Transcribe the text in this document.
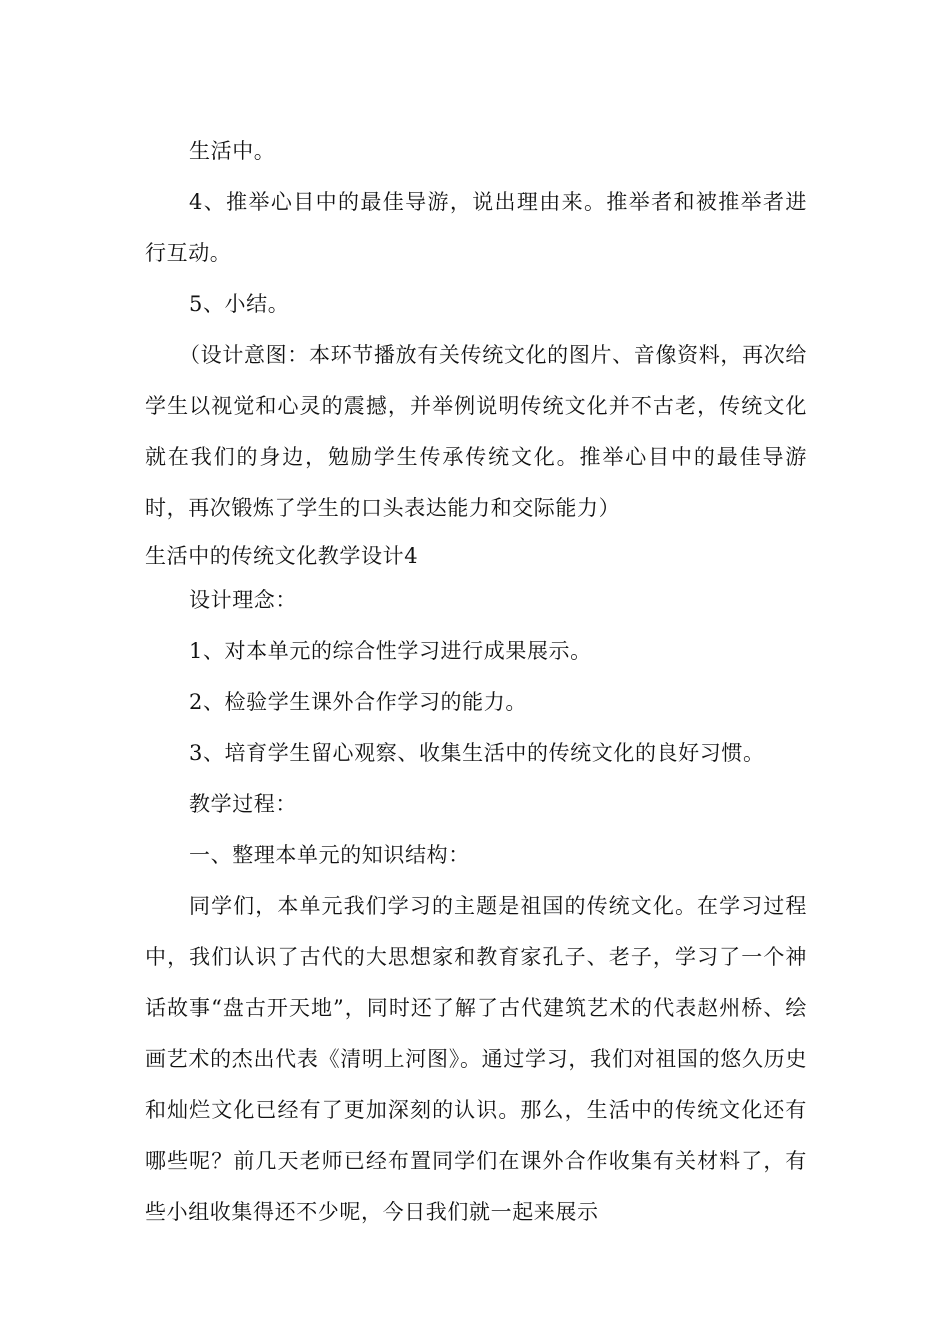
生活中。

4、推举心目中的最佳导游，说出理由来。推举者和被推举者进行互动。

5、小结。

（设计意图：本环节播放有关传统文化的图片、音像资料，再次给学生以视觉和心灵的震撼，并举例说明传统文化并不古老，传统文化就在我们的身边，勉励学生传承传统文化。推举心目中的最佳导游时，再次锻炼了学生的口头表达能力和交际能力）

生活中的传统文化教学设计4

设计理念：

1、对本单元的综合性学习进行成果展示。

2、检验学生课外合作学习的能力。

3、培育学生留心观察、收集生活中的传统文化的良好习惯。

教学过程：

一、整理本单元的知识结构：

同学们，本单元我们学习的主题是祖国的传统文化。在学习过程中，我们认识了古代的大思想家和教育家孔子、老子，学习了一个神话故事“盘古开天地”，同时还了解了古代建筑艺术的代表赵州桥、绘画艺术的杰出代表《清明上河图》。通过学习，我们对祖国的悠久历史和灿烂文化已经有了更加深刻的认识。那么，生活中的传统文化还有哪些呢？前几天老师已经布置同学们在课外合作收集有关材料了，有些小组收集得还不少呢，今日我们就一起来展示
